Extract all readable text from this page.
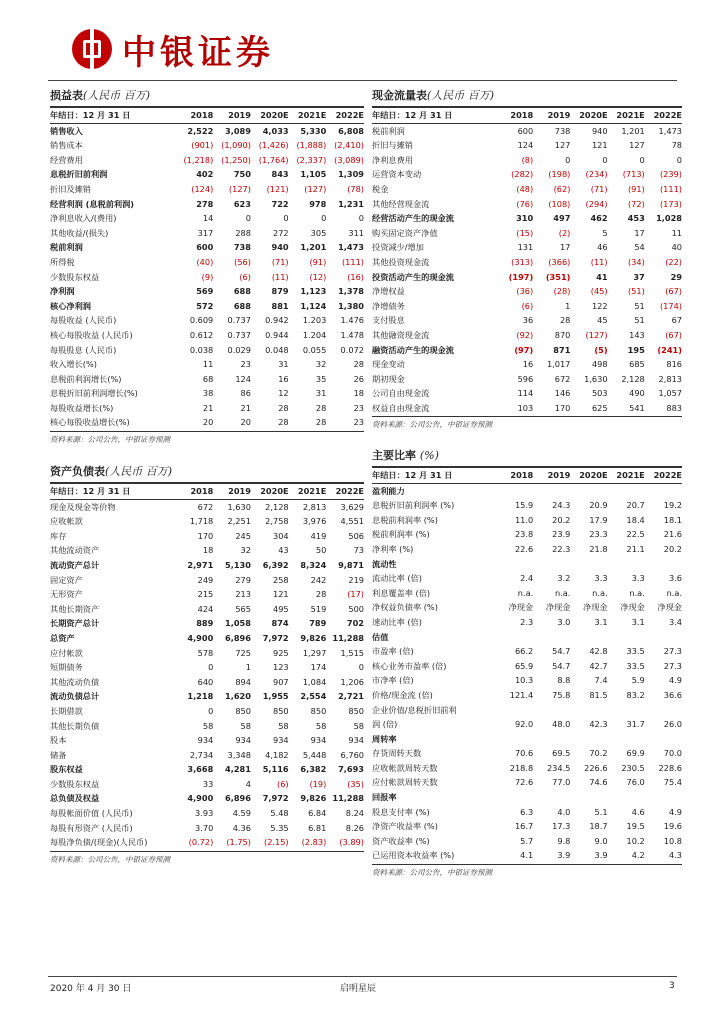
中银证券
损益表(人民币 百万)
年结日：12 月 31 日	2018	2019	2020E	2021E	2022E
销售收入	2,522	3,089	4,033	5,330	6,808
销售成本	(901)	(1,090)	(1,426)	(1,888)	(2,410)
经营费用	(1,218)	(1,250)	(1,764)	(2,337)	(3,089)
息税折旧前利润	402	750	843	1,105	1,309
折旧及摊销	(124)	(127)	(121)	(127)	(78)
经营利润 (息税前利润)	278	623	722	978	1,231
净利息收入/(费用)	14	0	0	0	0
其他收益/(损失)	317	288	272	305	311
税前利润	600	738	940	1,201	1,473
所得税	(40)	(56)	(71)	(91)	(111)
少数股东权益	(9)	(6)	(11)	(12)	(16)
净利润	569	688	879	1,123	1,378
核心净利润	572	688	881	1,124	1,380
每股收益 (人民币)	0.609	0.737	0.942	1.203	1.476
核心每股收益 (人民币)	0.612	0.737	0.944	1.204	1.478
每股股息 (人民币)	0.038	0.029	0.048	0.055	0.072
收入增长(%)	11	23	31	32	28
息税前利润增长(%)	68	124	16	35	26
息税折旧前利润增长(%)	38	86	12	31	18
每股收益增长(%)	21	21	28	28	23
核心每股收益增长(%)	20	20	28	28	23
资料来源：公司公告，中银证券预测
现金流量表(人民币 百万)
年结日：12 月 31 日	2018	2019	2020E	2021E	2022E
税前利润	600	738	940	1,201	1,473
折旧与摊销	124	127	121	127	78
净利息费用	(8)	0	0	0	0
运营资本变动	(282)	(198)	(234)	(713)	(239)
税金	(48)	(62)	(71)	(91)	(111)
其他经营现金流	(76)	(108)	(294)	(72)	(173)
经营活动产生的现金流	310	497	462	453	1,028
购买固定资产净值	(15)	(2)	5	17	11
投资减少/增加	131	17	46	54	40
其他投资现金流	(313)	(366)	(11)	(34)	(22)
投资活动产生的现金流	(197)	(351)	41	37	29
净增权益	(36)	(28)	(45)	(51)	(67)
净增债务	(6)	1	122	51	(174)
支付股息	36	28	45	51	67
其他融资现金流	(92)	870	(127)	143	(67)
融资活动产生的现金流	(97)	871	(5)	195	(241)
现金变动	16	1,017	498	685	816
期初现金	596	672	1,630	2,128	2,813
公司自由现金流	114	146	503	490	1,057
权益自由现金流	103	170	625	541	883
资料来源：公司公告，中银证券预测
资产负债表(人民币 百万)
年结日：12 月 31 日	2018	2019	2020E	2021E	2022E
现金及现金等价物	672	1,630	2,128	2,813	3,629
应收帐款	1,718	2,251	2,758	3,976	4,551
库存	170	245	304	419	506
其他流动资产	18	32	43	50	73
流动资产总计	2,971	5,130	6,392	8,324	9,871
固定资产	249	279	258	242	219
无形资产	215	213	121	28	(17)
其他长期资产	424	565	495	519	500
长期资产总计	889	1,058	874	789	702
总资产	4,900	6,896	7,972	9,826	11,288
应付帐款	578	725	925	1,297	1,515
短期债务	0	1	123	174	0
其他流动负债	640	894	907	1,084	1,206
流动负债总计	1,218	1,620	1,955	2,554	2,721
长期借款	0	850	850	850	850
其他长期负债	58	58	58	58	58
股本	934	934	934	934	934
储备	2,734	3,348	4,182	5,448	6,760
股东权益	3,668	4,281	5,116	6,382	7,693
少数股东权益	33	4	(6)	(19)	(35)
总负债及权益	4,900	6,896	7,972	9,826	11,288
每股帐面价值 (人民币)	3.93	4.59	5.48	6.84	8.24
每股有形资产 (人民币)	3.70	4.36	5.35	6.81	8.26
每股净负债/(现金)(人民币)	(0.72)	(1.75)	(2.15)	(2.83)	(3.89)
资料来源：公司公告，中银证券预测
主要比率 (%)
年结日：12 月 31 日	2018	2019	2020E	2021E	2022E
盈利能力					
息税折旧前利润率 (%)	15.9	24.3	20.9	20.7	19.2
息税前利润率 (%)	11.0	20.2	17.9	18.4	18.1
税前利润率 (%)	23.8	23.9	23.3	22.5	21.6
净利率 (%)	22.6	22.3	21.8	21.1	20.2
流动性					
流动比率 (倍)	2.4	3.2	3.3	3.3	3.6
利息覆盖率 (倍)	n.a.	n.a.	n.a.	n.a.	n.a.
净权益负债率 (%)	净现金	净现金	净现金	净现金	净现金
速动比率 (倍)	2.3	3.0	3.1	3.1	3.4
估值					
市盈率 (倍)	66.2	54.7	42.8	33.5	27.3
核心业务市盈率 (倍)	65.9	54.7	42.7	33.5	27.3
市净率 (倍)	10.3	8.8	7.4	5.9	4.9
价格/现金流 (倍)	121.4	75.8	81.5	83.2	36.6
企业价值/息税折旧前利					
润 (倍)	92.0	48.0	42.3	31.7	26.0
周转率					
存货周转天数	70.6	69.5	70.2	69.9	70.0
应收帐款周转天数	218.8	234.5	226.6	230.5	228.6
应付帐款周转天数	72.6	77.0	74.6	76.0	75.4
回报率					
股息支付率 (%)	6.3	4.0	5.1	4.6	4.9
净资产收益率 (%)	16.7	17.3	18.7	19.5	19.6
资产收益率 (%)	5.7	9.8	9.0	10.2	10.8
已运用资本收益率 (%)	4.1	3.9	3.9	4.2	4.3
资料来源：公司公告，中银证券预测
2020 年 4 月 30 日	启明星辰	3
